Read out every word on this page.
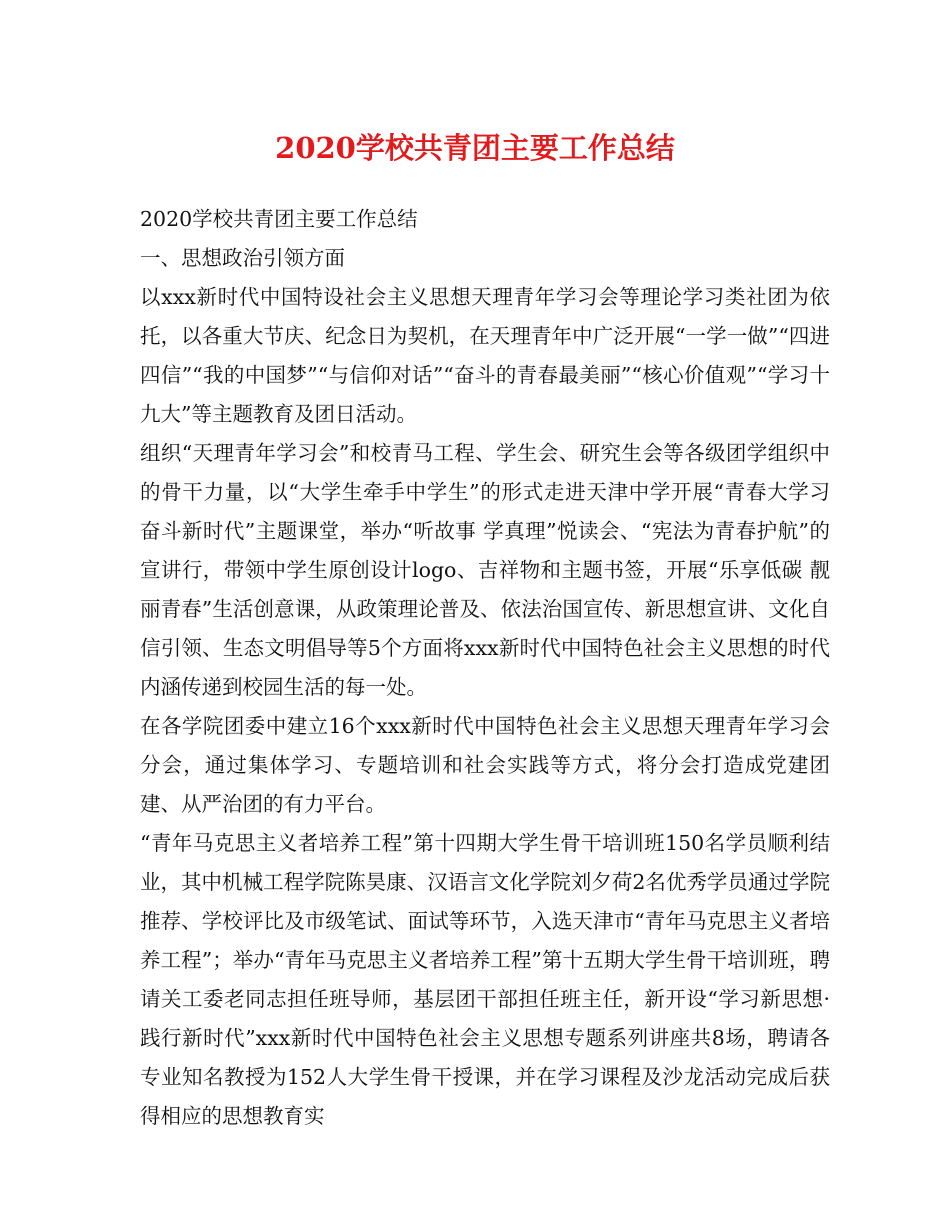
2020学校共青团主要工作总结

2020学校共青团主要工作总结

一、思想政治引领方面

以xxx新时代中国特设社会主义思想天理青年学习会等理论学习类社团为依托，以各重大节庆、纪念日为契机，在天理青年中广泛开展“一学一做”“四进四信”“我的中国梦”“与信仰对话”“奋斗的青春最美丽”“核心价值观”“学习十九大”等主题教育及团日活动。

组织“天理青年学习会”和校青马工程、学生会、研究生会等各级团学组织中的骨干力量，以“大学生牵手中学生”的形式走进天津中学开展“青春大学习 奋斗新时代”主题课堂，举办“听故事 学真理”悦读会、“宪法为青春护航”的宣讲行，带领中学生原创设计logo、吉祥物和主题书签，开展“乐享低碳 靓丽青春”生活创意课，从政策理论普及、依法治国宣传、新思想宣讲、文化自信引领、生态文明倡导等5个方面将xxx新时代中国特色社会主义思想的时代内涵传递到校园生活的每一处。

在各学院团委中建立16个xxx新时代中国特色社会主义思想天理青年学习会分会，通过集体学习、专题培训和社会实践等方式，将分会打造成党建团建、从严治团的有力平台。

“青年马克思主义者培养工程”第十四期大学生骨干培训班150名学员顺利结业，其中机械工程学院陈昊康、汉语言文化学院刘夕荷2名优秀学员通过学院推荐、学校评比及市级笔试、面试等环节，入选天津市“青年马克思主义者培养工程”；举办“青年马克思主义者培养工程”第十五期大学生骨干培训班，聘请关工委老同志担任班导师，基层团干部担任班主任，新开设“学习新思想·践行新时代”xxx新时代中国特色社会主义思想专题系列讲座共8场，聘请各专业知名教授为152人大学生骨干授课，并在学习课程及沙龙活动完成后获得相应的思想教育实
